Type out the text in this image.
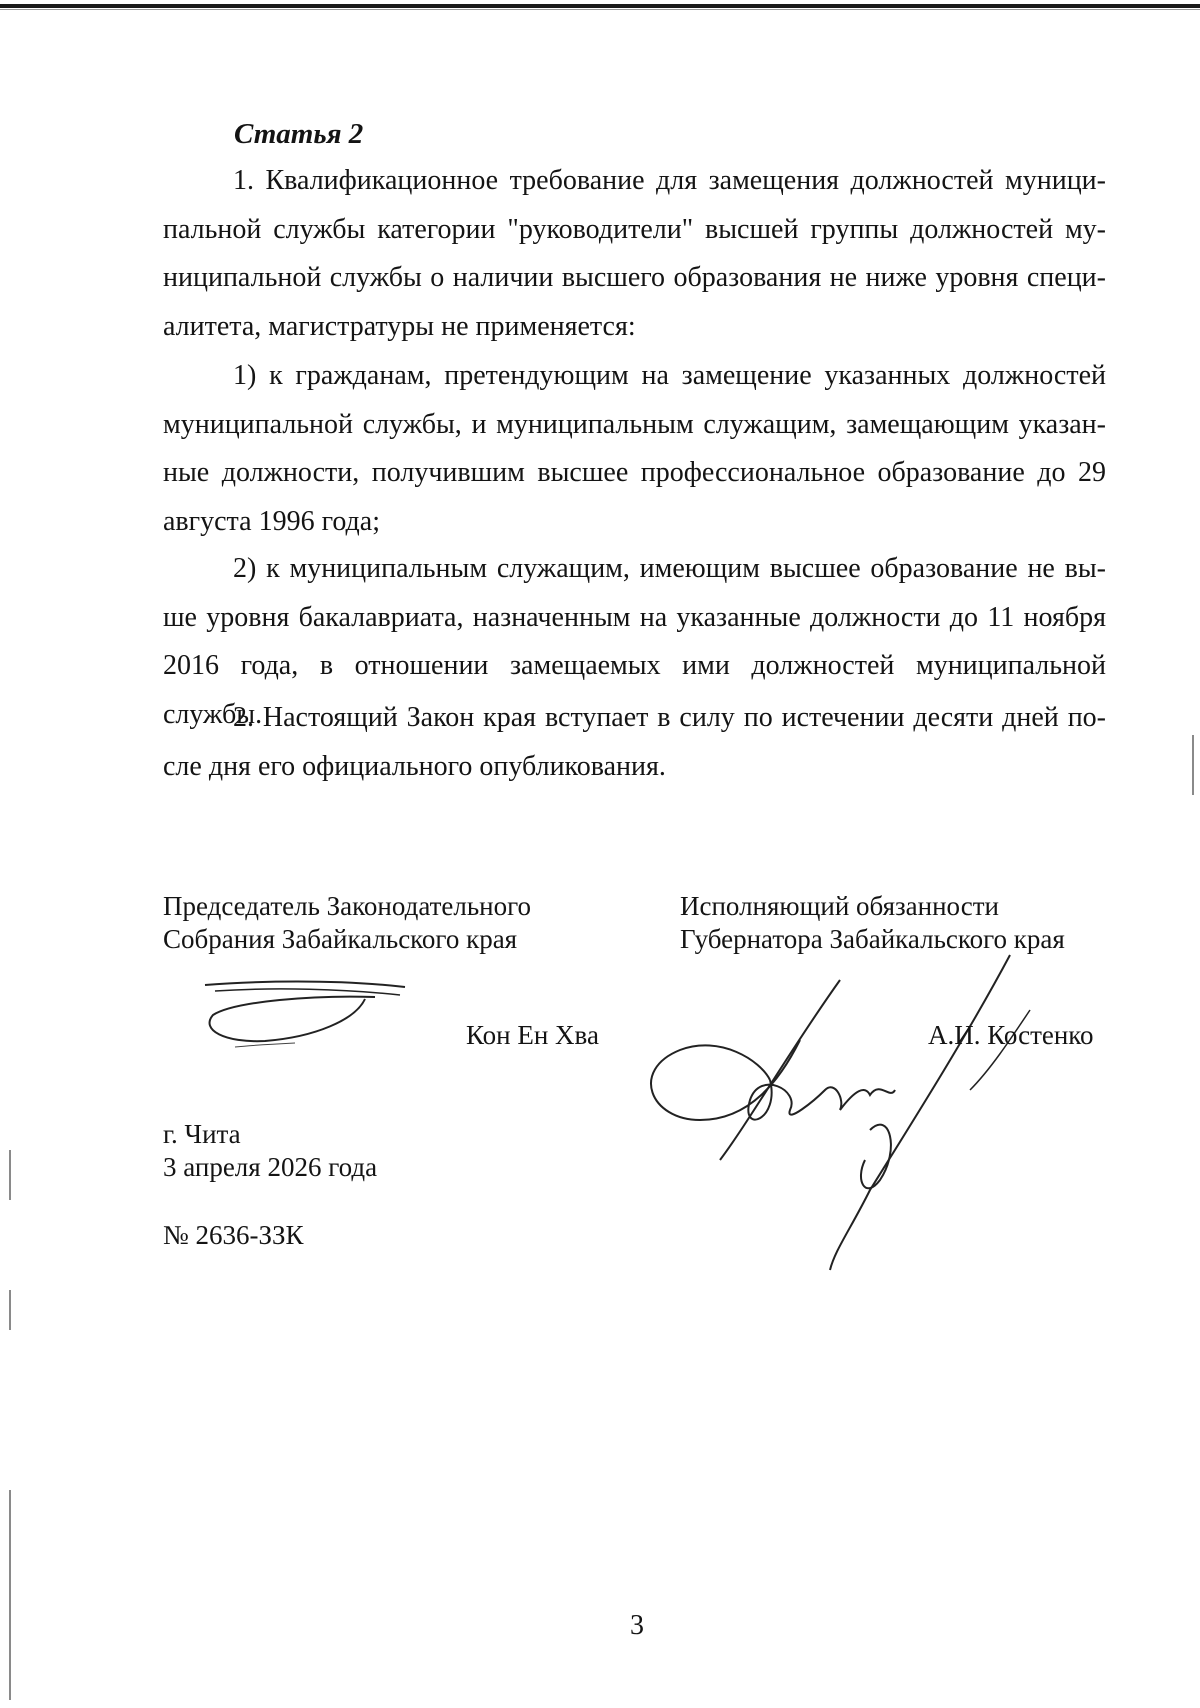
Статья 2
1. Квалификационное требование для замещения должностей муниципальной службы категории "руководители" высшей группы должностей муниципальной службы о наличии высшего образования не ниже уровня специалитета, магистратуры не применяется:
1) к гражданам, претендующим на замещение указанных должностей муниципальной службы, и муниципальным служащим, замещающим указанные должности, получившим высшее профессиональное образование до 29 августа 1996 года;
2) к муниципальным служащим, имеющим высшее образование не выше уровня бакалавриата, назначенным на указанные должности до 11 ноября 2016 года, в отношении замещаемых ими должностей муниципальной службы.
2. Настоящий Закон края вступает в силу по истечении десяти дней после дня его официального опубликования.
Председатель Законодательного
Собрания Забайкальского края
Исполняющий обязанности
Губернатора Забайкальского края
Кон Ен Хва	А.И. Костенко
г. Чита
3 апреля 2026 года
№ 2636-ЗЗК
3
